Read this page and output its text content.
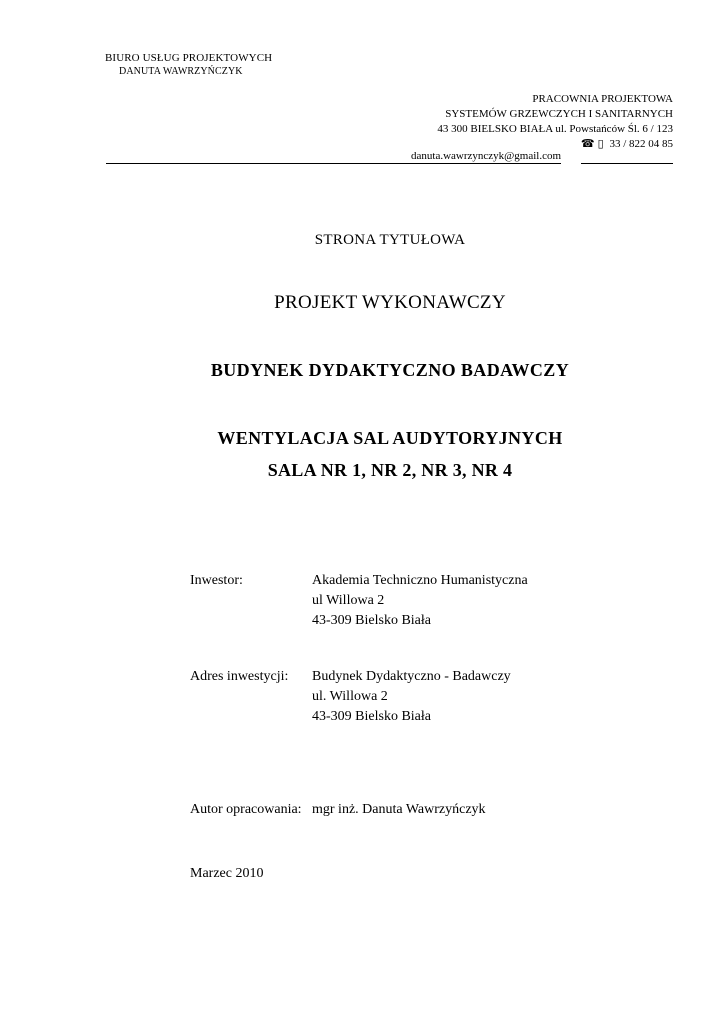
BIURO USŁUG PROJEKTOWYCH
DANUTA WAWRZYŃCZYK
PRACOWNIA PROJEKTOWA
SYSTEMÓW GRZEWCZYCH I SANITARNYCH
43 300 BIELSKO BIAŁA ul. Powstańców Śl. 6 / 123
☎ ▯ 33 / 822 04 85
danuta.wawrzynczyk@gmail.com
STRONA TYTUŁOWA
PROJEKT WYKONAWCZY
BUDYNEK DYDAKTYCZNO BADAWCZY
WENTYLACJA SAL AUDYTORYJNYCH
SALA NR 1, NR 2, NR 3, NR 4
Inwestor:	Akademia Techniczno Humanistyczna
ul Willowa 2
43-309 Bielsko Biała
Adres inwestycji: Budynek Dydaktyczno - Badawczy
ul. Willowa 2
43-309 Bielsko Biała
Autor opracowania: mgr inż. Danuta Wawrzyńczyk
Marzec 2010
